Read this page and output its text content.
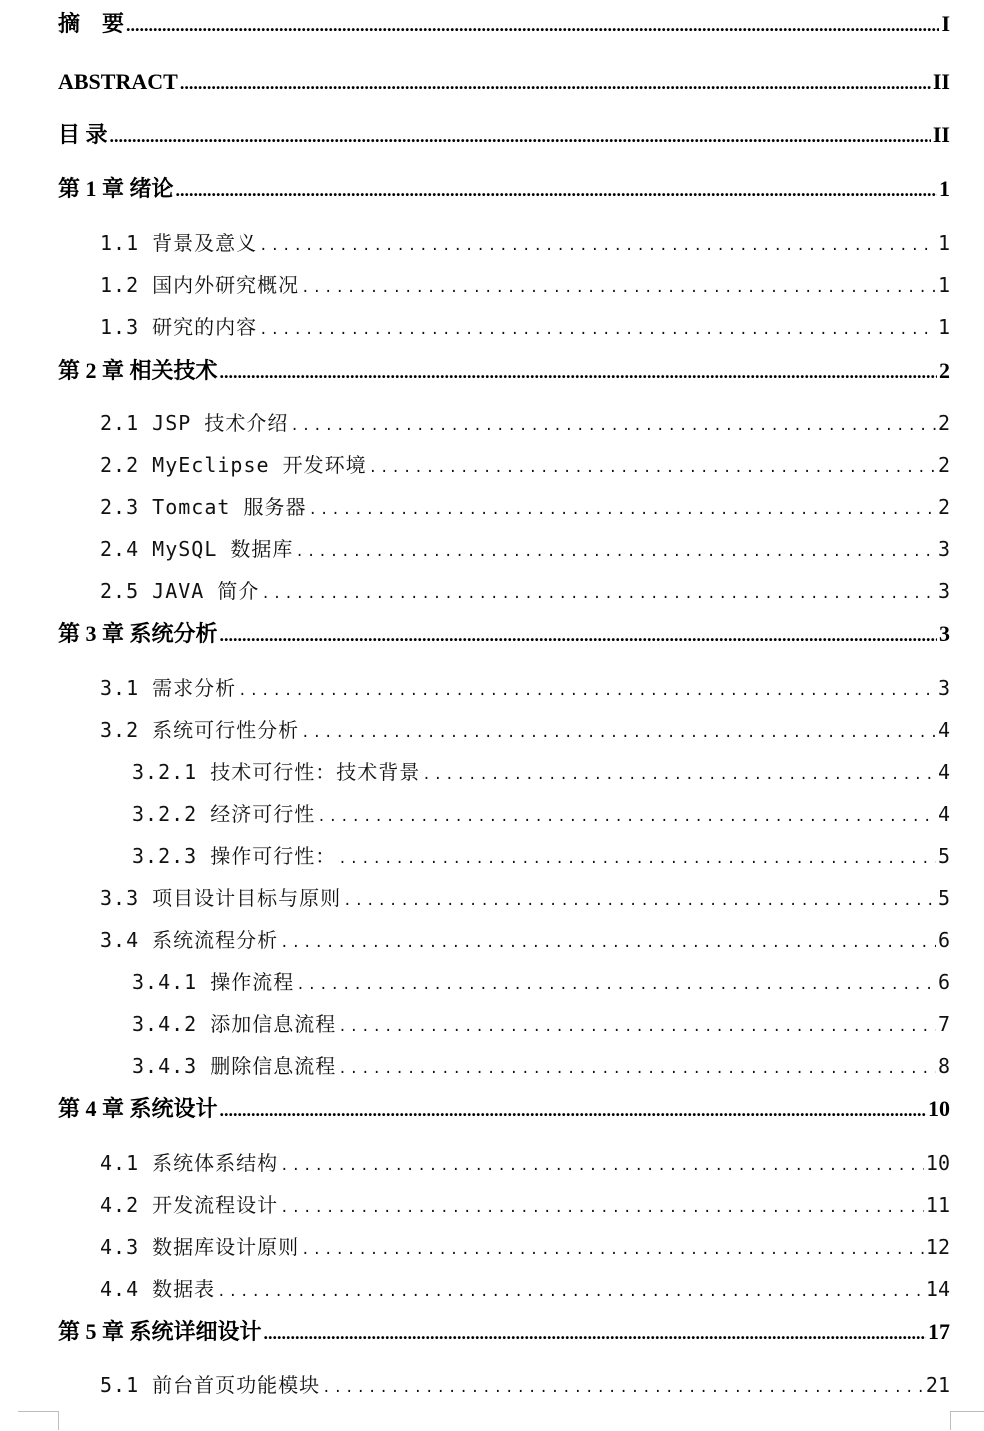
摘　要 .....	I
ABSTRACT .....	II
目 录 .....	II
第 1 章 绪论 .....	1
1.1 背景及意义 .....	1
1.2 国内外研究概况 .....	1
1.3 研究的内容 .....	1
第 2 章 相关技术 .....	2
2.1 JSP 技术介绍 .....	2
2.2 MyEclipse 开发环境 .....	2
2.3 Tomcat 服务器 .....	2
2.4 MySQL 数据库 .....	3
2.5 JAVA 简介 .....	3
第 3 章 系统分析 .....	3
3.1 需求分析 .....	3
3.2 系统可行性分析 .....	4
3.2.1 技术可行性：技术背景 .....	4
3.2.2 经济可行性 .....	4
3.2.3 操作可行性： .....	5
3.3 项目设计目标与原则 .....	5
3.4 系统流程分析 .....	6
3.4.1 操作流程 .....	6
3.4.2 添加信息流程 .....	7
3.4.3 删除信息流程 .....	8
第 4 章 系统设计 .....	10
4.1 系统体系结构 .....	10
4.2 开发流程设计 .....	11
4.3 数据库设计原则 .....	12
4.4 数据表 .....	14
第 5 章 系统详细设计 .....	17
5.1 前台首页功能模块 .....	21
